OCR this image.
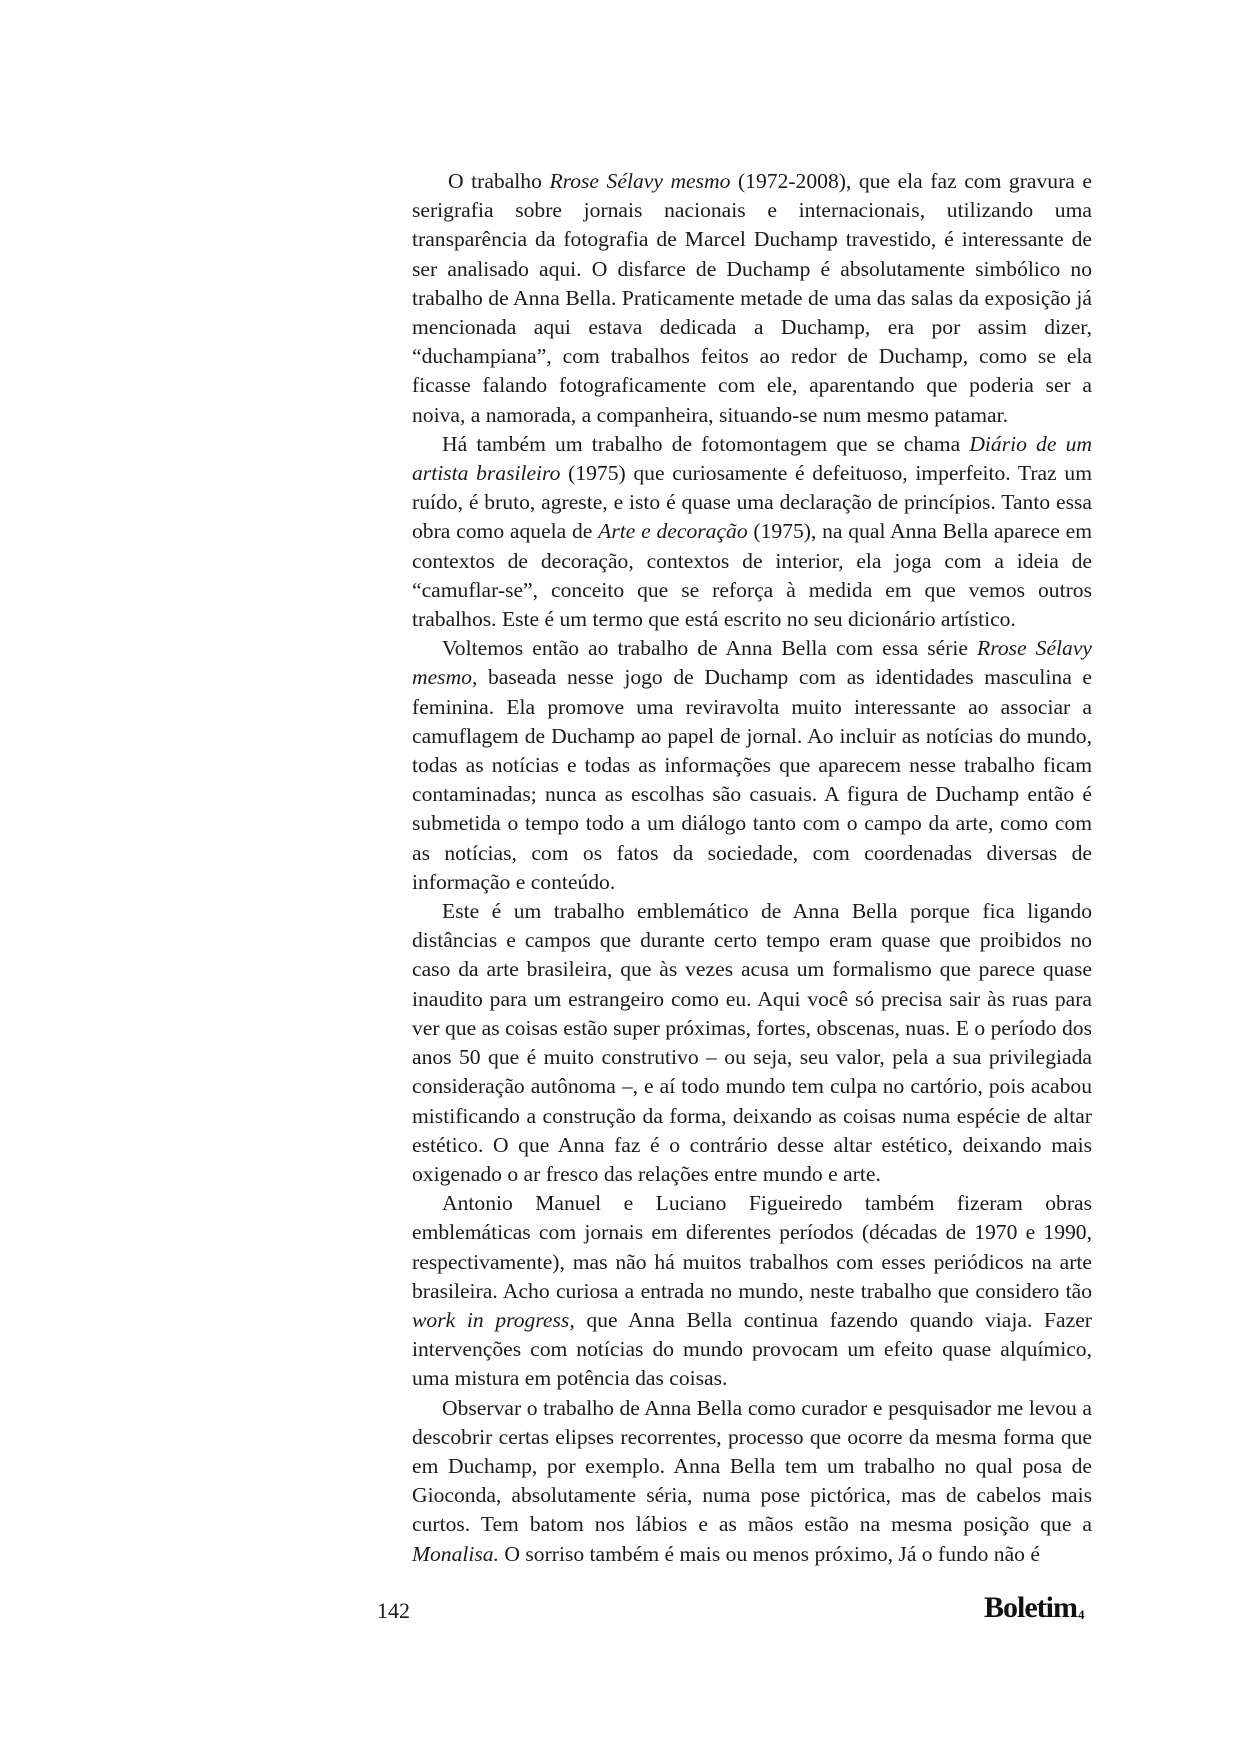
O trabalho Rrose Sélavy mesmo (1972-2008), que ela faz com gravura e serigrafia sobre jornais nacionais e internacionais, utilizando uma transparência da fotografia de Marcel Duchamp travestido, é interessante de ser analisado aqui. O disfarce de Duchamp é absolutamente simbólico no trabalho de Anna Bella. Praticamente metade de uma das salas da exposição já mencionada aqui estava dedicada a Duchamp, era por assim dizer, “duchampiana”, com trabalhos feitos ao redor de Duchamp, como se ela ficasse falando fotograficamente com ele, aparentando que poderia ser a noiva, a namorada, a companheira, situando-se num mesmo patamar.

Há também um trabalho de fotomontagem que se chama Diário de um artista brasileiro (1975) que curiosamente é defeituoso, imperfeito. Traz um ruído, é bruto, agreste, e isto é quase uma declaração de princípios. Tanto essa obra como aquela de Arte e decoração (1975), na qual Anna Bella aparece em contextos de decoração, contextos de interior, ela joga com a ideia de “camuflar-se”, conceito que se reforça à medida em que vemos outros trabalhos. Este é um termo que está escrito no seu dicionário artístico.

Voltemos então ao trabalho de Anna Bella com essa série Rrose Sélavy mesmo, baseada nesse jogo de Duchamp com as identidades masculina e feminina. Ela promove uma reviravolta muito interessante ao associar a camuflagem de Duchamp ao papel de jornal. Ao incluir as notícias do mundo, todas as notícias e todas as informações que aparecem nesse trabalho ficam contaminadas; nunca as escolhas são casuais. A figura de Duchamp então é submetida o tempo todo a um diálogo tanto com o campo da arte, como com as notícias, com os fatos da sociedade, com coordenadas diversas de informação e conteúdo.

Este é um trabalho emblemático de Anna Bella porque fica ligando distâncias e campos que durante certo tempo eram quase que proibidos no caso da arte brasileira, que às vezes acusa um formalismo que parece quase inaudito para um estrangeiro como eu. Aqui você só precisa sair às ruas para ver que as coisas estão super próximas, fortes, obscenas, nuas. E o período dos anos 50 que é muito construtivo – ou seja, seu valor, pela a sua privilegiada consideração autônoma –, e aí todo mundo tem culpa no cartório, pois acabou mistificando a construção da forma, deixando as coisas numa espécie de altar estético. O que Anna faz é o contrário desse altar estético, deixando mais oxigenado o ar fresco das relações entre mundo e arte.

Antonio Manuel e Luciano Figueiredo também fizeram obras emblemáticas com jornais em diferentes períodos (décadas de 1970 e 1990, respectivamente), mas não há muitos trabalhos com esses periódicos na arte brasileira. Acho curiosa a entrada no mundo, neste trabalho que considero tão work in progress, que Anna Bella continua fazendo quando viaja. Fazer intervenções com notícias do mundo provocam um efeito quase alquímico, uma mistura em potência das coisas.

Observar o trabalho de Anna Bella como curador e pesquisador me levou a descobrir certas elipses recorrentes, processo que ocorre da mesma forma que em Duchamp, por exemplo. Anna Bella tem um trabalho no qual posa de Gioconda, absolutamente séria, numa pose pictórica, mas de cabelos mais curtos. Tem batom nos lábios e as mãos estão na mesma posição que a Monalisa. O sorriso também é mais ou menos próximo, Já o fundo não é

142	Boletim4
